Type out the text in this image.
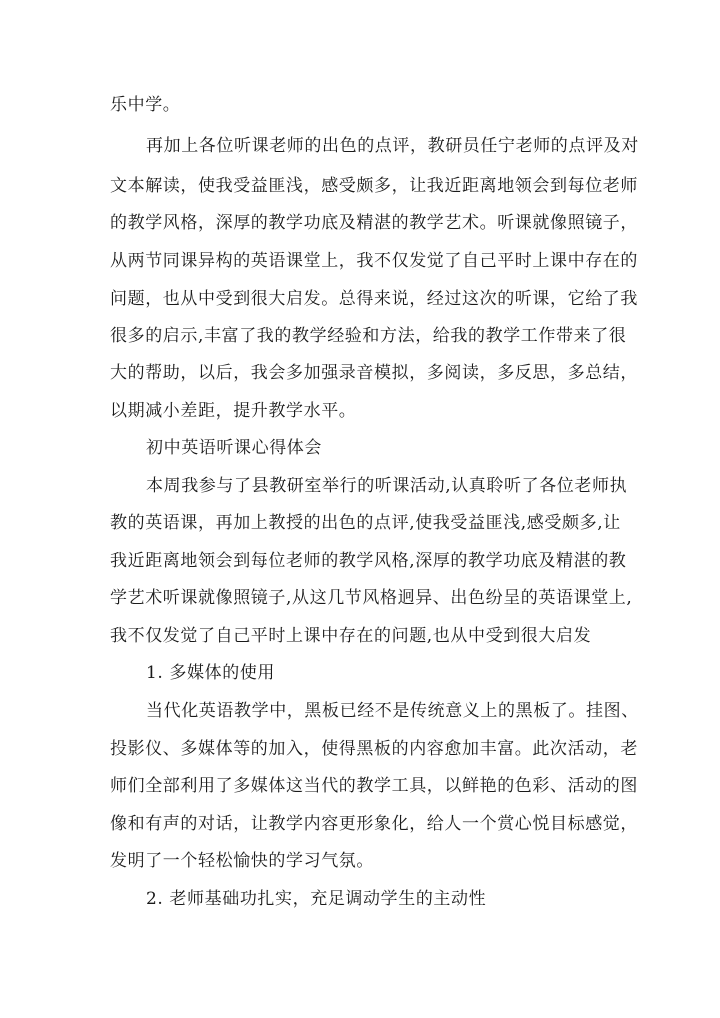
乐中学。
再加上各位听课老师的出色的点评，教研员任宁老师的点评及对
文本解读，使我受益匪浅，感受颇多，让我近距离地领会到每位老师
的教学风格，深厚的教学功底及精湛的教学艺术。听课就像照镜子，
从两节同课异构的英语课堂上，我不仅发觉了自己平时上课中存在的
问题，也从中受到很大启发。总得来说，经过这次的听课，它给了我
很多的启示,丰富了我的教学经验和方法，给我的教学工作带来了很
大的帮助，以后，我会多加强录音模拟，多阅读，多反思，多总结，
以期减小差距，提升教学水平。
初中英语听课心得体会
本周我参与了县教研室举行的听课活动,认真聆听了各位老师执
教的英语课，再加上教授的出色的点评,使我受益匪浅,感受颇多,让
我近距离地领会到每位老师的教学风格,深厚的教学功底及精湛的教
学艺术听课就像照镜子,从这几节风格迥异、出色纷呈的英语课堂上,
我不仅发觉了自己平时上课中存在的问题,也从中受到很大启发
1. 多媒体的使用
当代化英语教学中，黑板已经不是传统意义上的黑板了。挂图、
投影仪、多媒体等的加入，使得黑板的内容愈加丰富。此次活动，老
师们全部利用了多媒体这当代的教学工具，以鲜艳的色彩、活动的图
像和有声的对话，让教学内容更形象化，给人一个赏心悦目标感觉，
发明了一个轻松愉快的学习气氛。
2. 老师基础功扎实，充足调动学生的主动性
